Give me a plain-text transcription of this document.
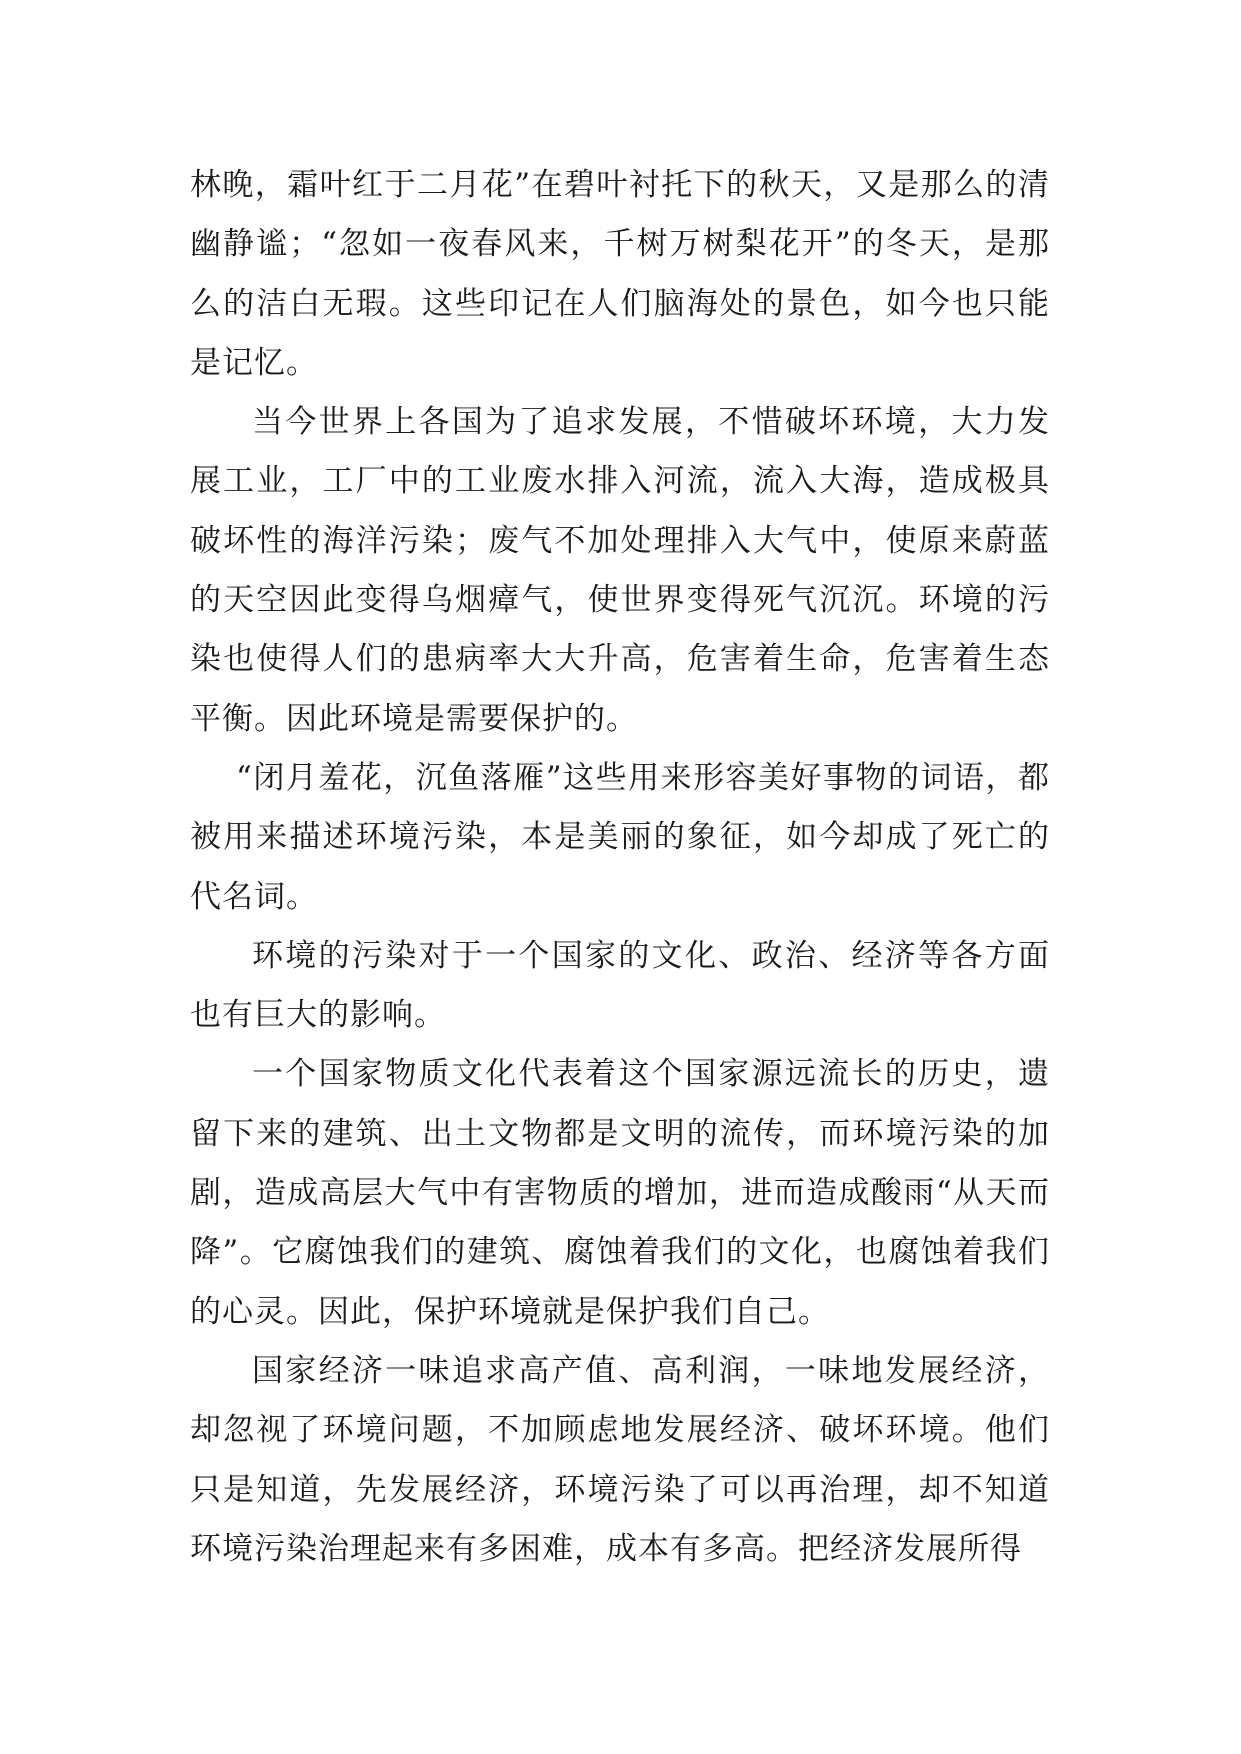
林晚，霜叶红于二月花”在碧叶衬托下的秋天，又是那么的清幽静谧；“忽如一夜春风来，千树万树梨花开”的冬天，是那么的洁白无瑕。这些印记在人们脑海处的景色，如今也只能是记忆。

当今世界上各国为了追求发展，不惜破坏环境，大力发展工业，工厂中的工业废水排入河流，流入大海，造成极具破坏性的海洋污染；废气不加处理排入大气中，使原来蔚蓝的天空因此变得乌烟瘴气，使世界变得死气沉沉。环境的污染也使得人们的患病率大大升高，危害着生命，危害着生态平衡。因此环境是需要保护的。

“闭月羞花，沉鱼落雁”这些用来形容美好事物的词语，都被用来描述环境污染，本是美丽的象征，如今却成了死亡的代名词。

环境的污染对于一个国家的文化、政治、经济等各方面也有巨大的影响。

一个国家物质文化代表着这个国家源远流长的历史，遗留下来的建筑、出土文物都是文明的流传，而环境污染的加剧，造成高层大气中有害物质的增加，进而造成酸雨“从天而降”。它腐蚀我们的建筑、腐蚀着我们的文化，也腐蚀着我们的心灵。因此，保护环境就是保护我们自己。

国家经济一味追求高产值、高利润，一味地发展经济，却忽视了环境问题，不加顾虑地发展经济、破坏环境。他们只是知道，先发展经济，环境污染了可以再治理，却不知道环境污染治理起来有多困难，成本有多高。把经济发展所得
